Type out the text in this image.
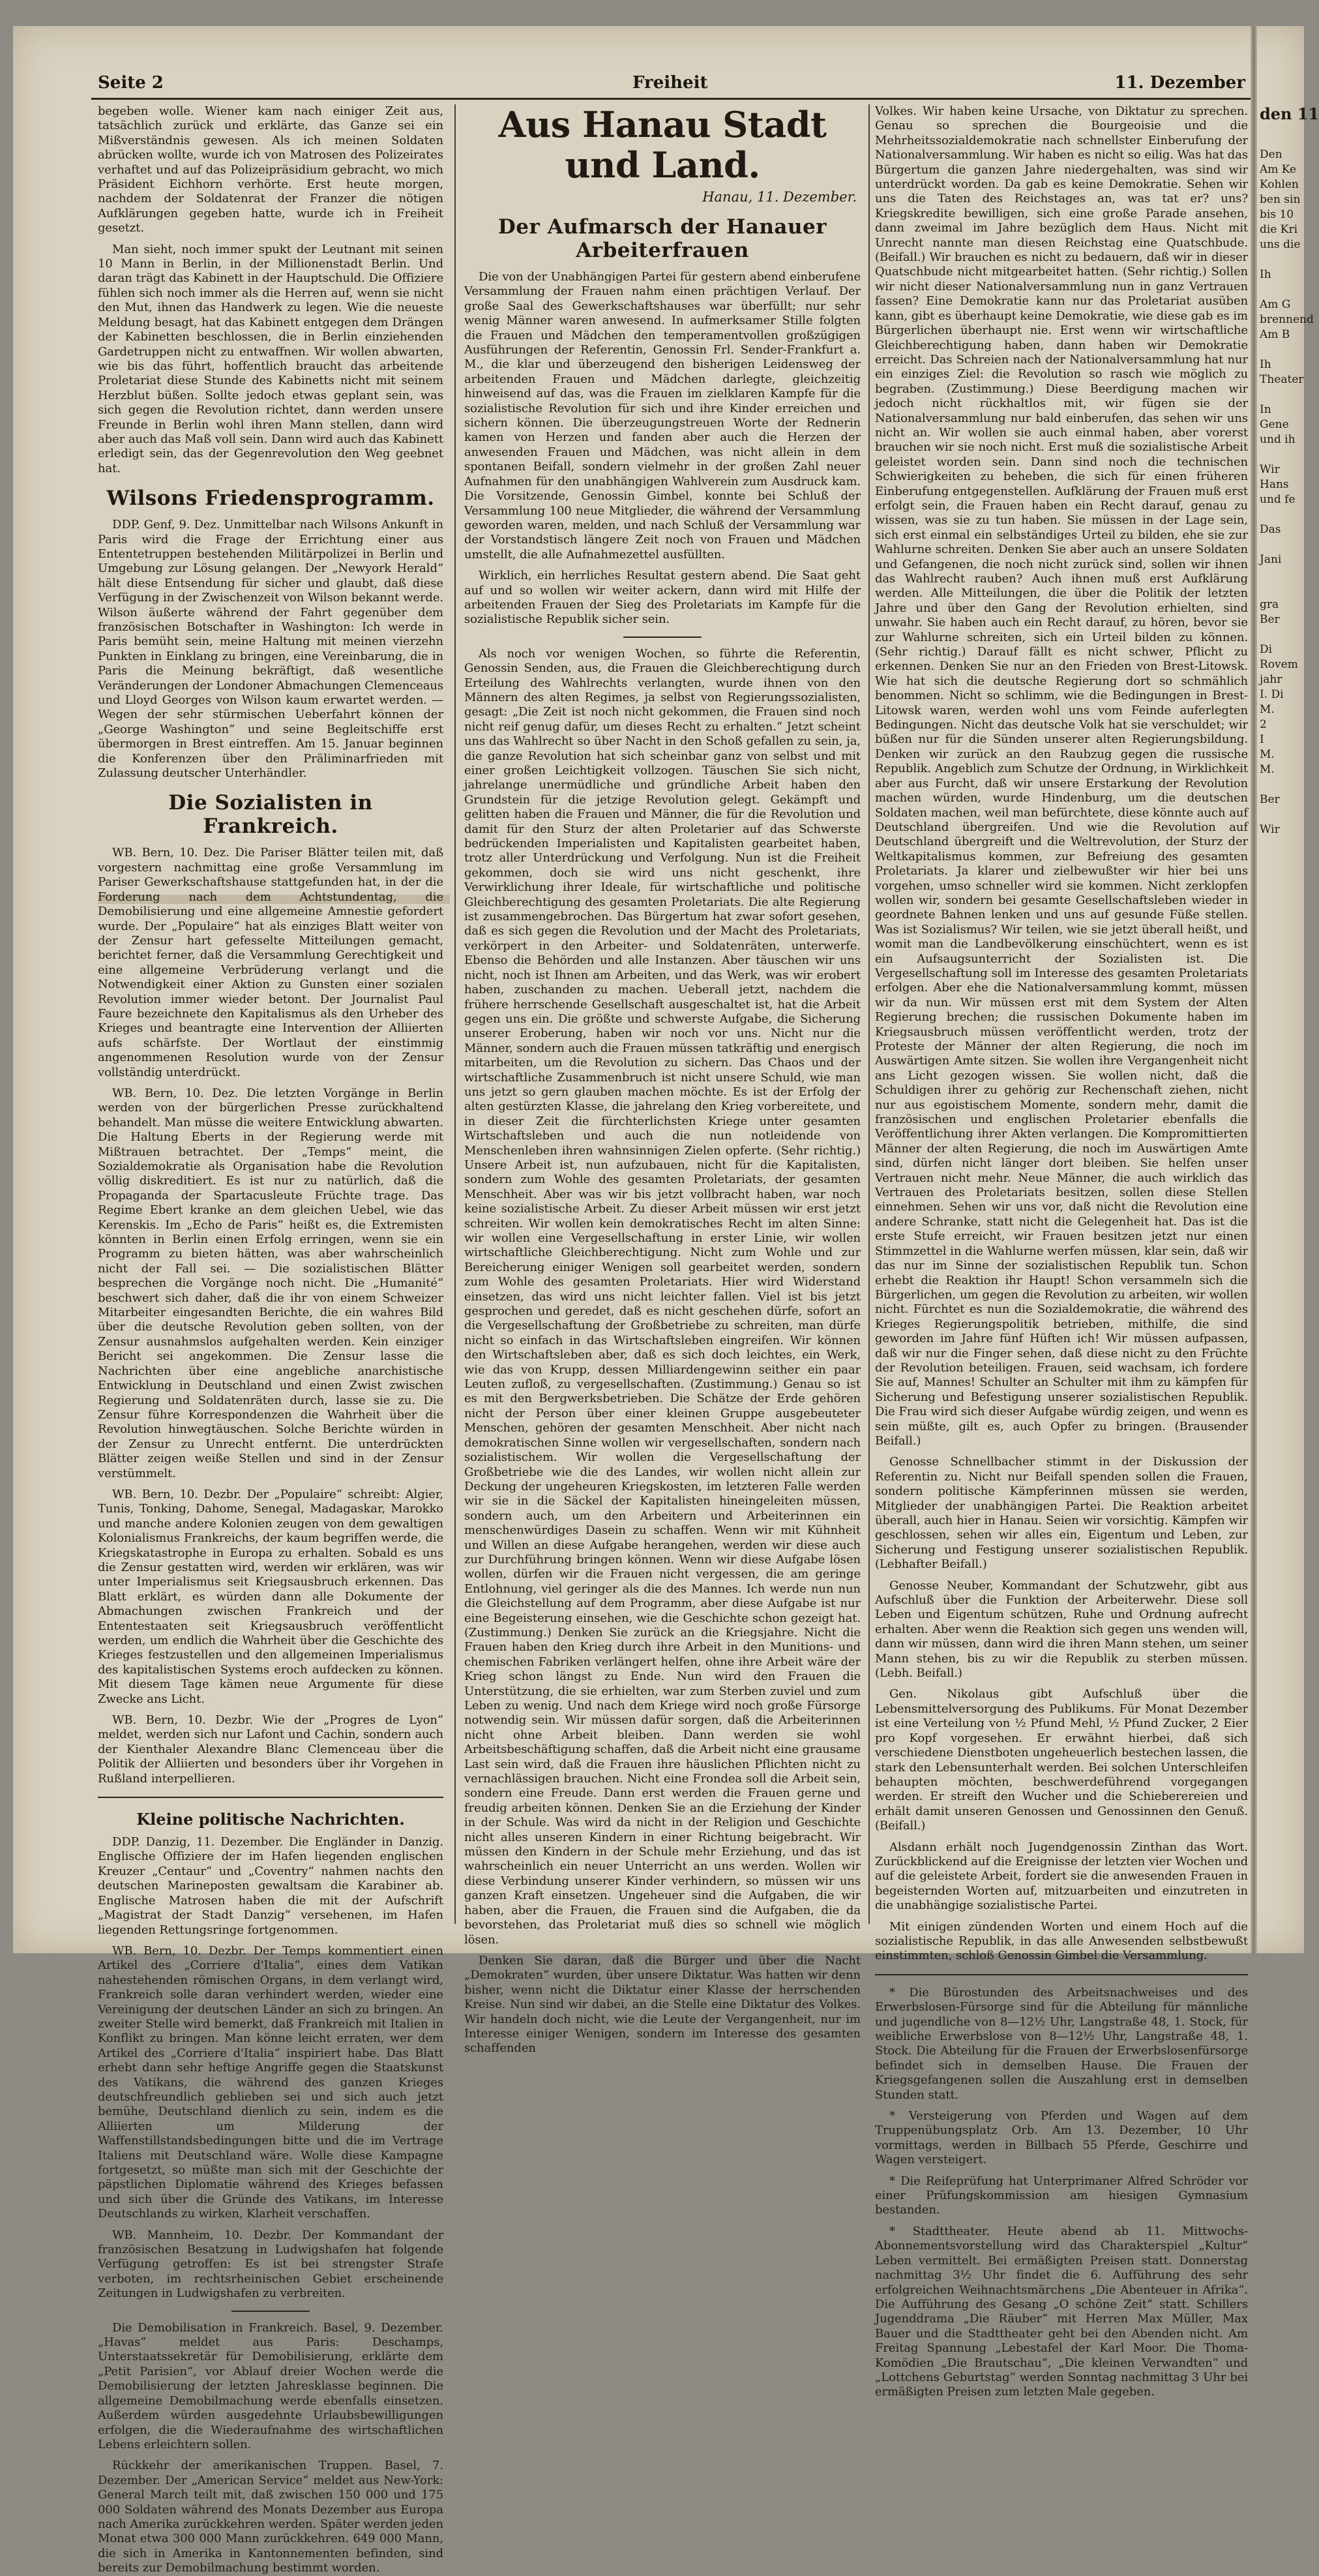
Seite 2	Freiheit	11. Dezember

begeben wolle. Wiener kam nach einiger Zeit aus, tatsächlich zurück und erklärte, das Ganze sei ein Mißverständnis gewesen. Als ich meinen Soldaten abrücken wollte, wurde ich von Matrosen des Polizeirates verhaftet und auf das Polizeipräsidium gebracht, wo mich Präsident Eichhorn verhörte. Erst heute morgen, nachdem der Soldatenrat der Franzer die nötigen Aufklärungen gegeben hatte, wurde ich in Freiheit gesetzt.

Man sieht, noch immer spukt der Leutnant mit seinen 10 Mann in Berlin, in der Millionenstadt Berlin. Und daran trägt das Kabinett in der Hauptschuld. Die Offiziere fühlen sich noch immer als die Herren auf, wenn sie nicht den Mut, ihnen das Handwerk zu legen. Wie die neueste Meldung besagt, hat das Kabinett entgegen dem Drängen der Kabinetten beschlossen, die in Berlin einziehenden Gardetruppen nicht zu entwaffnen. Wir wollen abwarten, wie bis das führt, hoffentlich braucht das arbeitende Proletariat diese Stunde des Kabinetts nicht mit seinem Herzblut büßen. Sollte jedoch etwas geplant sein, was sich gegen die Revolution richtet, dann werden unsere Freunde in Berlin wohl ihren Mann stellen, dann wird aber auch das Maß voll sein. Dann wird auch das Kabinett erledigt sein, das der Gegenrevolution den Weg geebnet hat.

Wilsons Friedensprogramm.

DDP. Genf, 9. Dez. Unmittelbar nach Wilsons Ankunft in Paris wird die Frage der Errichtung einer aus Ententetruppen bestehenden Militärpolizei in Berlin und Umgebung zur Lösung gelangen. Der „Newyork Herald“ hält diese Entsendung für sicher und glaubt, daß diese Verfügung in der Zwischenzeit von Wilson bekannt werde. Wilson äußerte während der Fahrt gegenüber dem französischen Botschafter in Washington: Ich werde in Paris bemüht sein, meine Haltung mit meinen vierzehn Punkten in Einklang zu bringen, eine Vereinbarung, die in Paris die Meinung bekräftigt, daß wesentliche Veränderungen der Londoner Abmachungen Clemenceaus und Lloyd Georges von Wilson kaum erwartet werden. — Wegen der sehr stürmischen Ueberfahrt können der „George Washington“ und seine Begleitschiffe erst übermorgen in Brest eintreffen. Am 15. Januar beginnen die Konferenzen über den Präliminarfrieden mit Zulassung deutscher Unterhändler.

Die Sozialisten in Frankreich.

WB. Bern, 10. Dez. Die Pariser Blätter teilen mit, daß vorgestern nachmittag eine große Versammlung im Pariser Gewerkschaftshause stattgefunden hat, in der die Forderung nach dem Achtstundentag, die Demobilisierung und eine allgemeine Amnestie gefordert wurde. Der „Populaire“ hat als einziges Blatt weiter von der Zensur hart gefesselte Mitteilungen gemacht, berichtet ferner, daß die Versammlung Gerechtigkeit und eine allgemeine Verbrüderung verlangt und die Notwendigkeit einer Aktion zu Gunsten einer sozialen Revolution immer wieder betont. Der Journalist Paul Faure bezeichnete den Kapitalismus als den Urheber des Krieges und beantragte eine Intervention der Alliierten aufs schärfste. Der Wortlaut der einstimmig angenommenen Resolution wurde von der Zensur vollständig unterdrückt.

WB. Bern, 10. Dez. Die letzten Vorgänge in Berlin werden von der bürgerlichen Presse zurückhaltend behandelt. Man müsse die weitere Entwicklung abwarten. Die Haltung Eberts in der Regierung werde mit Mißtrauen betrachtet. Der „Temps“ meint, die Sozialdemokratie als Organisation habe die Revolution völlig diskreditiert. Es ist nur zu natürlich, daß die Propaganda der Spartacusleute Früchte trage. Das Regime Ebert kranke an dem gleichen Uebel, wie das Kerenskis. Im „Echo de Paris“ heißt es, die Extremisten könnten in Berlin einen Erfolg erringen, wenn sie ein Programm zu bieten hätten, was aber wahrscheinlich nicht der Fall sei. — Die sozialistischen Blätter besprechen die Vorgänge noch nicht. Die „Humanité“ beschwert sich daher, daß die ihr von einem Schweizer Mitarbeiter eingesandten Berichte, die ein wahres Bild über die deutsche Revolution geben sollten, von der Zensur ausnahmslos aufgehalten werden. Kein einziger Bericht sei angekommen. Die Zensur lasse die Nachrichten über eine angebliche anarchistische Entwicklung in Deutschland und einen Zwist zwischen Regierung und Soldatenräten durch, lasse sie zu. Die Zensur führe Korrespondenzen die Wahrheit über die Revolution hinwegtäuschen. Solche Berichte würden in der Zensur zu Unrecht entfernt. Die unterdrückten Blätter zeigen weiße Stellen und sind in der Zensur verstümmelt.

WB. Bern, 10. Dezbr. Der „Populaire“ schreibt: Algier, Tunis, Tonking, Dahome, Senegal, Madagaskar, Marokko und manche andere Kolonien zeugen von dem gewaltigen Kolonialismus Frankreichs, der kaum begriffen werde, die Kriegskatastrophe in Europa zu erhalten. Sobald es uns die Zensur gestatten wird, werden wir erklären, was wir unter Imperialismus seit Kriegsausbruch erkennen. Das Blatt erklärt, es würden dann alle Dokumente der Abmachungen zwischen Frankreich und der Ententestaaten seit Kriegsausbruch veröffentlicht werden, um endlich die Wahrheit über die Geschichte des Krieges festzustellen und den allgemeinen Imperialismus des kapitalistischen Systems eroch aufdecken zu können. Mit diesem Tage kämen neue Argumente für diese Zwecke ans Licht.

WB. Bern, 10. Dezbr. Wie der „Progres de Lyon“ meldet, werden sich nur Lafont und Cachin, sondern auch der Kienthaler Alexandre Blanc Clemenceau über die Politik der Alliierten und besonders über ihr Vorgehen in Rußland interpellieren.

Kleine politische Nachrichten.

DDP. Danzig, 11. Dezember. Die Engländer in Danzig. Englische Offiziere der im Hafen liegenden englischen Kreuzer „Centaur“ und „Coventry“ nahmen nachts den deutschen Marineposten gewaltsam die Karabiner ab. Englische Matrosen haben die mit der Aufschrift „Magistrat der Stadt Danzig“ versehenen, im Hafen liegenden Rettungsringe fortgenommen.

WB. Bern, 10. Dezbr. Der Temps kommentiert einen Artikel des „Corriere d'Italia“, eines dem Vatikan nahestehenden römischen Organs, in dem verlangt wird, Frankreich solle daran verhindert werden, wieder eine Vereinigung der deutschen Länder an sich zu bringen. An zweiter Stelle wird bemerkt, daß Frankreich mit Italien in Konflikt zu bringen. Man könne leicht erraten, wer dem Artikel des „Corriere d'Italia“ inspiriert habe. Das Blatt erhebt dann sehr heftige Angriffe gegen die Staatskunst des Vatikans, die während des ganzen Krieges deutschfreundlich geblieben sei und sich auch jetzt bemühe, Deutschland dienlich zu sein, indem es die Alliierten um Milderung der Waffenstillstandsbedingungen bitte und die im Vertrage Italiens mit Deutschland wäre. Wolle diese Kampagne fortgesetzt, so müßte man sich mit der Geschichte der päpstlichen Diplomatie während des Krieges befassen und sich über die Gründe des Vatikans, im Interesse Deutschlands zu wirken, Klarheit verschaffen.

WB. Mannheim, 10. Dezbr. Der Kommandant der französischen Besatzung in Ludwigshafen hat folgende Verfügung getroffen: Es ist bei strengster Strafe verboten, im rechtsrheinischen Gebiet erscheinende Zeitungen in Ludwigshafen zu verbreiten.

Die Demobilisation in Frankreich. Basel, 9. Dezember. „Havas“ meldet aus Paris: Deschamps, Unterstaatssekretär für Demobilisierung, erklärte dem „Petit Parisien“, vor Ablauf dreier Wochen werde die Demobilisierung der letzten Jahresklasse beginnen. Die allgemeine Demobilmachung werde ebenfalls einsetzen. Außerdem würden ausgedehnte Urlaubsbewilligungen erfolgen, die die Wiederaufnahme des wirtschaftlichen Lebens erleichtern sollen.

Rückkehr der amerikanischen Truppen. Basel, 7. Dezember. Der „American Service“ meldet aus New-York: General March teilt mit, daß zwischen 150 000 und 175 000 Soldaten während des Monats Dezember aus Europa nach Amerika zurückkehren werden. Später werden jeden Monat etwa 300 000 Mann zurückkehren. 649 000 Mann, die sich in Amerika in Kantonnementen befinden, sind bereits zur Demobilmachung bestimmt worden.

Aus Hanau Stadt und Land.
Hanau, 11. Dezember.
Der Aufmarsch der Hanauer Arbeiterfrauen

Die von der Unabhängigen Partei für gestern abend einberufene Versammlung der Frauen nahm einen prächtigen Verlauf. Der große Saal des Gewerkschaftshauses war überfüllt; nur sehr wenig Männer waren anwesend. In aufmerksamer Stille folgten die Frauen und Mädchen den temperamentvollen großzügigen Ausführungen der Referentin, Genossin Frl. Sender-Frankfurt a. M., die klar und überzeugend den bisherigen Leidensweg der arbeitenden Frauen und Mädchen darlegte, gleichzeitig hinweisend auf das, was die Frauen im zielklaren Kampfe für die sozialistische Revolution für sich und ihre Kinder erreichen und sichern können. Die überzeugungstreuen Worte der Rednerin kamen von Herzen und fanden aber auch die Herzen der anwesenden Frauen und Mädchen, was nicht allein in dem spontanen Beifall, sondern vielmehr in der großen Zahl neuer Aufnahmen für den unabhängigen Wahlverein zum Ausdruck kam. Die Vorsitzende, Genossin Gimbel, konnte bei Schluß der Versammlung 100 neue Mitglieder, die während der Versammlung geworden waren, melden, und nach Schluß der Versammlung war der Vorstandstisch längere Zeit noch von Frauen und Mädchen umstellt, die alle Aufnahmezettel ausfüllten.

Wirklich, ein herrliches Resultat gestern abend. Die Saat geht auf und so wollen wir weiter ackern, dann wird mit Hilfe der arbeitenden Frauen der Sieg des Proletariats im Kampfe für die sozialistische Republik sicher sein.

Als noch vor wenigen Wochen, so führte die Referentin, Genossin Senden, aus, die Frauen die Gleichberechtigung durch Erteilung des Wahlrechts verlangten, wurde ihnen von den Männern des alten Regimes, ja selbst von Regierungssozialisten, gesagt: „Die Zeit ist noch nicht gekommen, die Frauen sind noch nicht reif genug dafür, um dieses Recht zu erhalten.“ Jetzt scheint uns das Wahlrecht so über Nacht in den Schoß gefallen zu sein, ja, die ganze Revolution hat sich scheinbar ganz von selbst und mit einer großen Leichtigkeit vollzogen. Täuschen Sie sich nicht, jahrelange unermüdliche und gründliche Arbeit haben den Grundstein für die jetzige Revolution gelegt. Gekämpft und gelitten haben die Frauen und Männer, die für die Revolution und damit für den Sturz der alten Proletarier auf das Schwerste bedrückenden Imperialisten und Kapitalisten gearbeitet haben, trotz aller Unterdrückung und Verfolgung. Nun ist die Freiheit gekommen, doch sie wird uns nicht geschenkt, ihre Verwirklichung ihrer Ideale, für wirtschaftliche und politische Gleichberechtigung des gesamten Proletariats. Die alte Regierung ist zusammengebrochen. Das Bürgertum hat zwar sofort gesehen, daß es sich gegen die Revolution und der Macht des Proletariats, verkörpert in den Arbeiter- und Soldatenräten, unterwerfe. Ebenso die Behörden und alle Instanzen. Aber täuschen wir uns nicht, noch ist Ihnen am Arbeiten, und das Werk, was wir erobert haben, zuschanden zu machen. Ueberall jetzt, nachdem die frühere herrschende Gesellschaft ausgeschaltet ist, hat die Arbeit gegen uns ein. Die größte und schwerste Aufgabe, die Sicherung unserer Eroberung, haben wir noch vor uns. Nicht nur die Männer, sondern auch die Frauen müssen tatkräftig und energisch mitarbeiten, um die Revolution zu sichern. Das Chaos und der wirtschaftliche Zusammenbruch ist nicht unsere Schuld, wie man uns jetzt so gern glauben machen möchte. Es ist der Erfolg der alten gestürzten Klasse, die jahrelang den Krieg vorbereitete, und in dieser Zeit die fürchterlichsten Kriege unter gesamten Wirtschaftsleben und auch die nun notleidende von Menschenleben ihren wahnsinnigen Zielen opferte. (Sehr richtig.) Unsere Arbeit ist, nun aufzubauen, nicht für die Kapitalisten, sondern zum Wohle des gesamten Proletariats, der gesamten Menschheit. Aber was wir bis jetzt vollbracht haben, war noch keine sozialistische Arbeit. Zu dieser Arbeit müssen wir erst jetzt schreiten. Wir wollen kein demokratisches Recht im alten Sinne: wir wollen eine Vergesellschaftung in erster Linie, wir wollen wirtschaftliche Gleichberechtigung. Nicht zum Wohle und zur Bereicherung einiger Wenigen soll gearbeitet werden, sondern zum Wohle des gesamten Proletariats. Hier wird Widerstand einsetzen, das wird uns nicht leichter fallen. Viel ist bis jetzt gesprochen und geredet, daß es nicht geschehen dürfe, sofort an die Vergesellschaftung der Großbetriebe zu schreiten, man dürfe nicht so einfach in das Wirtschaftsleben eingreifen. Wir können den Wirtschaftsleben aber, daß es sich doch leichtes, ein Werk, wie das von Krupp, dessen Milliardengewinn seither ein paar Leuten zufloß, zu vergesellschaften. (Zustimmung.) Genau so ist es mit den Bergwerksbetrieben. Die Schätze der Erde gehören nicht der Person über einer kleinen Gruppe ausgebeuteter Menschen, gehören der gesamten Menschheit. Aber nicht nach demokratischen Sinne wollen wir vergesellschaften, sondern nach sozialistischem. Wir wollen die Vergesellschaftung der Großbetriebe wie die des Landes, wir wollen nicht allein zur Deckung der ungeheuren Kriegskosten, im letzteren Falle werden wir sie in die Säckel der Kapitalisten hineingeleiten müssen, sondern auch, um den Arbeitern und Arbeiterinnen ein menschenwürdiges Dasein zu schaffen. Wenn wir mit Kühnheit und Willen an diese Aufgabe herangehen, werden wir diese auch zur Durchführung bringen können. Wenn wir diese Aufgabe lösen wollen, dürfen wir die Frauen nicht vergessen, die am geringe Entlohnung, viel geringer als die des Mannes. Ich werde nun nun die Gleichstellung auf dem Programm, aber diese Aufgabe ist nur eine Begeisterung einsehen, wie die Geschichte schon gezeigt hat. (Zustimmung.) Denken Sie zurück an die Kriegsjahre. Nicht die Frauen haben den Krieg durch ihre Arbeit in den Munitions- und chemischen Fabriken verlängert helfen, ohne ihre Arbeit wäre der Krieg schon längst zu Ende. Nun wird den Frauen die Unterstützung, die sie erhielten, war zum Sterben zuviel und zum Leben zu wenig. Und nach dem Kriege wird noch große Fürsorge notwendig sein. Wir müssen dafür sorgen, daß die Arbeiterinnen nicht ohne Arbeit bleiben. Dann werden sie wohl Arbeitsbeschäftigung schaffen, daß die Arbeit nicht eine grausame Last sein wird, daß die Frauen ihre häuslichen Pflichten nicht zu vernachlässigen brauchen. Nicht eine Frondea soll die Arbeit sein, sondern eine Freude. Dann erst werden die Frauen gerne und freudig arbeiten können. Denken Sie an die Erziehung der Kinder in der Schule. Was wird da nicht in der Religion und Geschichte nicht alles unseren Kindern in einer Richtung beigebracht. Wir müssen den Kindern in der Schule mehr Erziehung, und das ist wahrscheinlich ein neuer Unterricht an uns werden. Wollen wir diese Verbindung unserer Kinder verhindern, so müssen wir uns ganzen Kraft einsetzen. Ungeheuer sind die Aufgaben, die wir haben, aber die Frauen, die Frauen sind die Aufgaben, die da bevorstehen, das Proletariat muß dies so schnell wie möglich lösen.

Denken Sie daran, daß die Bürger und über die Nacht „Demokraten“ wurden, über unsere Diktatur. Was hatten wir denn bisher, wenn nicht die Diktatur einer Klasse der herrschenden Kreise. Nun sind wir dabei, an die Stelle eine Diktatur des Volkes. Wir handeln doch nicht, wie die Leute der Vergangenheit, nur im Interesse einiger Wenigen, sondern im Interesse des gesamten schaffenden

Volkes. Wir haben keine Ursache, von Diktatur zu sprechen. Genau so sprechen die Bourgeoisie und die Mehrheitssozialdemokratie nach schnellster Einberufung der Nationalversammlung. Wir haben es nicht so eilig. Was hat das Bürgertum die ganzen Jahre niedergehalten, was sind wir unterdrückt worden. Da gab es keine Demokratie. Sehen wir uns die Taten des Reichstages an, was tat er? uns? Kriegskredite bewilligen, sich eine große Parade ansehen, dann zweimal im Jahre bezüglich dem Haus. Nicht mit Unrecht nannte man diesen Reichstag eine Quatschbude. (Beifall.) Wir brauchen es nicht zu bedauern, daß wir in dieser Quatschbude nicht mitgearbeitet hatten. (Sehr richtig.) Sollen wir nicht dieser Nationalversammlung nun in ganz Vertrauen fassen? Eine Demokratie kann nur das Proletariat ausüben kann, gibt es überhaupt keine Demokratie, wie diese gab es im Bürgerlichen überhaupt nie. Erst wenn wir wirtschaftliche Gleichberechtigung haben, dann haben wir Demokratie erreicht. Das Schreien nach der Nationalversammlung hat nur ein einziges Ziel: die Revolution so rasch wie möglich zu begraben. (Zustimmung.) Diese Beerdigung machen wir jedoch nicht rückhaltlos mit, wir fügen sie der Nationalversammlung nur bald einberufen, das sehen wir uns nicht an. Wir wollen sie auch einmal haben, aber vorerst brauchen wir sie noch nicht. Erst muß die sozialistische Arbeit geleistet worden sein. Dann sind noch die technischen Schwierigkeiten zu beheben, die sich für einen früheren Einberufung entgegenstellen. Aufklärung der Frauen muß erst erfolgt sein, die Frauen haben ein Recht darauf, genau zu wissen, was sie zu tun haben. Sie müssen in der Lage sein, sich erst einmal ein selbständiges Urteil zu bilden, ehe sie zur Wahlurne schreiten. Denken Sie aber auch an unsere Soldaten und Gefangenen, die noch nicht zurück sind, sollen wir ihnen das Wahlrecht rauben? Auch ihnen muß erst Aufklärung werden. Alle Mitteilungen, die über die Politik der letzten Jahre und über den Gang der Revolution erhielten, sind unwahr. Sie haben auch ein Recht darauf, zu hören, bevor sie zur Wahlurne schreiten, sich ein Urteil bilden zu können. (Sehr richtig.) Darauf fällt es nicht schwer, Pflicht zu erkennen. Denken Sie nur an den Frieden von Brest-Litowsk. Wie hat sich die deutsche Regierung dort so schmählich benommen. Nicht so schlimm, wie die Bedingungen in Brest-Litowsk waren, werden wohl uns vom Feinde auferlegten Bedingungen. Nicht das deutsche Volk hat sie verschuldet; wir büßen nur für die Sünden unserer alten Regierungsbildung. Denken wir zurück an den Raubzug gegen die russische Republik. Angeblich zum Schutze der Ordnung, in Wirklichkeit aber aus Furcht, daß wir unsere Erstarkung der Revolution machen würden, wurde Hindenburg, um die deutschen Soldaten machen, weil man befürchtete, diese könnte auch auf Deutschland übergreifen. Und wie die Revolution auf Deutschland übergreift und die Weltrevolution, der Sturz der Weltkapitalismus kommen, zur Befreiung des gesamten Proletariats. Ja klarer und zielbewußter wir hier bei uns vorgehen, umso schneller wird sie kommen. Nicht zerklopfen wollen wir, sondern bei gesamte Gesellschaftsleben wieder in geordnete Bahnen lenken und uns auf gesunde Füße stellen. Was ist Sozialismus? Wir teilen, wie sie jetzt überall heißt, und womit man die Landbevölkerung einschüchtert, wenn es ist ein Aufsaugsunterricht der Sozialisten ist. Die Vergesellschaftung soll im Interesse des gesamten Proletariats erfolgen. Aber ehe die Nationalversammlung kommt, müssen wir da nun. Wir müssen erst mit dem System der Alten Regierung brechen; die russischen Dokumente haben im Kriegsausbruch müssen veröffentlicht werden, trotz der Proteste der Männer der alten Regierung, die noch im Auswärtigen Amte sitzen. Sie wollen ihre Vergangenheit nicht ans Licht gezogen wissen. Sie wollen nicht, daß die Schuldigen ihrer zu gehörig zur Rechenschaft ziehen, nicht nur aus egoistischem Momente, sondern mehr, damit die französischen und englischen Proletarier ebenfalls die Veröffentlichung ihrer Akten verlangen. Die Kompromittierten Männer der alten Regierung, die noch im Auswärtigen Amte sind, dürfen nicht länger dort bleiben. Sie helfen unser Vertrauen nicht mehr. Neue Männer, die auch wirklich das Vertrauen des Proletariats besitzen, sollen diese Stellen einnehmen. Sehen wir uns vor, daß nicht die Revolution eine andere Schranke, statt nicht die Gelegenheit hat. Das ist die erste Stufe erreicht, wir Frauen besitzen jetzt nur einen Stimmzettel in die Wahlurne werfen müssen, klar sein, daß wir das nur im Sinne der sozialistischen Republik tun. Schon erhebt die Reaktion ihr Haupt! Schon versammeln sich die Bürgerlichen, um gegen die Revolution zu arbeiten, wir wollen nicht. Fürchtet es nun die Sozialdemokratie, die während des Krieges Regierungspolitik betrieben, mithilfe, die sind geworden im Jahre fünf Hüften ich! Wir müssen aufpassen, daß wir nur die Finger sehen, daß diese nicht zu den Früchte der Revolution beteiligen. Frauen, seid wachsam, ich fordere Sie auf, Mannes! Schulter an Schulter mit ihm zu kämpfen für Sicherung und Befestigung unserer sozialistischen Republik. Die Frau wird sich dieser Aufgabe würdig zeigen, und wenn es sein müßte, gilt es, auch Opfer zu bringen. (Brausender Beifall.)

Genosse Schnellbacher stimmt in der Diskussion der Referentin zu. Nicht nur Beifall spenden sollen die Frauen, sondern politische Kämpferinnen müssen sie werden, Mitglieder der unabhängigen Partei. Die Reaktion arbeitet überall, auch hier in Hanau. Seien wir vorsichtig. Kämpfen wir geschlossen, sehen wir alles ein, Eigentum und Leben, zur Sicherung und Festigung unserer sozialistischen Republik. (Lebhafter Beifall.)

Genosse Neuber, Kommandant der Schutzwehr, gibt aus Aufschluß über die Funktion der Arbeiterwehr. Diese soll Leben und Eigentum schützen, Ruhe und Ordnung aufrecht erhalten. Aber wenn die Reaktion sich gegen uns wenden will, dann wir müssen, dann wird die ihren Mann stehen, um seiner Mann stehen, bis zu wir die Republik zu sterben müssen. (Lebh. Beifall.)

Gen. Nikolaus gibt Aufschluß über die Lebensmittelversorgung des Publikums. Für Monat Dezember ist eine Verteilung von ½ Pfund Mehl, ½ Pfund Zucker, 2 Eier pro Kopf vorgesehen. Er erwähnt hierbei, daß sich verschiedene Dienstboten ungeheuerlich bestechen lassen, die stark den Lebensunterhalt werden. Bei solchen Unterschleifen behaupten möchten, beschwerdeführend vorgegangen werden. Er streift den Wucher und die Schieberereien und erhält damit unseren Genossen und Genossinnen den Genuß. (Beifall.)

Alsdann erhält noch Jugendgenossin Zinthan das Wort. Zurückblickend auf die Ereignisse der letzten vier Wochen und auf die geleistete Arbeit, fordert sie die anwesenden Frauen in begeisternden Worten auf, mitzuarbeiten und einzutreten in die unabhängige sozialistische Partei.

Mit einigen zündenden Worten und einem Hoch auf die sozialistische Republik, in das alle Anwesenden selbstbewußt einstimmten, schloß Genossin Gimbel die Versammlung.

* Die Bürostunden des Arbeitsnachweises und des Erwerbslosen-Fürsorge sind für die Abteilung für männliche und jugendliche von 8—12½ Uhr, Langstraße 48, 1. Stock, für weibliche Erwerbslose von 8—12½ Uhr, Langstraße 48, 1. Stock. Die Abteilung für die Frauen der Erwerbslosenfürsorge befindet sich in demselben Hause. Die Frauen der Kriegsgefangenen sollen die Auszahlung erst in demselben Stunden statt.

* Versteigerung von Pferden und Wagen auf dem Truppenübungsplatz Orb. Am 13. Dezember, 10 Uhr vormittags, werden in Billbach 55 Pferde, Geschirre und Wagen versteigert.

* Die Reifeprüfung hat Unterprimaner Alfred Schröder vor einer Prüfungskommission am hiesigen Gymnasium bestanden.

* Stadttheater. Heute abend ab 11. Mittwochs-Abonnementsvorstellung wird das Charakterspiel „Kultur“ Leben vermittelt. Bei ermäßigten Preisen statt. Donnerstag nachmittag 3½ Uhr findet die 6. Aufführung des sehr erfolgreichen Weihnachtsmärchens „Die Abenteuer in Afrika“. Die Aufführung des Gesang „O schöne Zeit“ statt. Schillers Jugenddrama „Die Räuber“ mit Herren Max Müller, Max Bauer und die Stadttheater geht bei den Abenden nicht. Am Freitag Spannung „Lebestafel der Karl Moor. Die Thoma-Komödien „Die Brautschau“, „Die kleinen Verwandten“ und „Lottchens Geburtstag“ werden Sonntag nachmittag 3 Uhr bei ermäßigten Preisen zum letzten Male gegeben.

den 11

Den

Am Ke

Kohlen

ben sin

bis 10

die Kri

uns die

Ih

Am G

brennend

Am B

Ih

Theater

In

Gene

und ih

Wir

Hans

und fe

Das

Jani

gra

Ber

Di

Rovem

jahr

I. Di

M.

2

I

M.

M.

Ber

Wir
